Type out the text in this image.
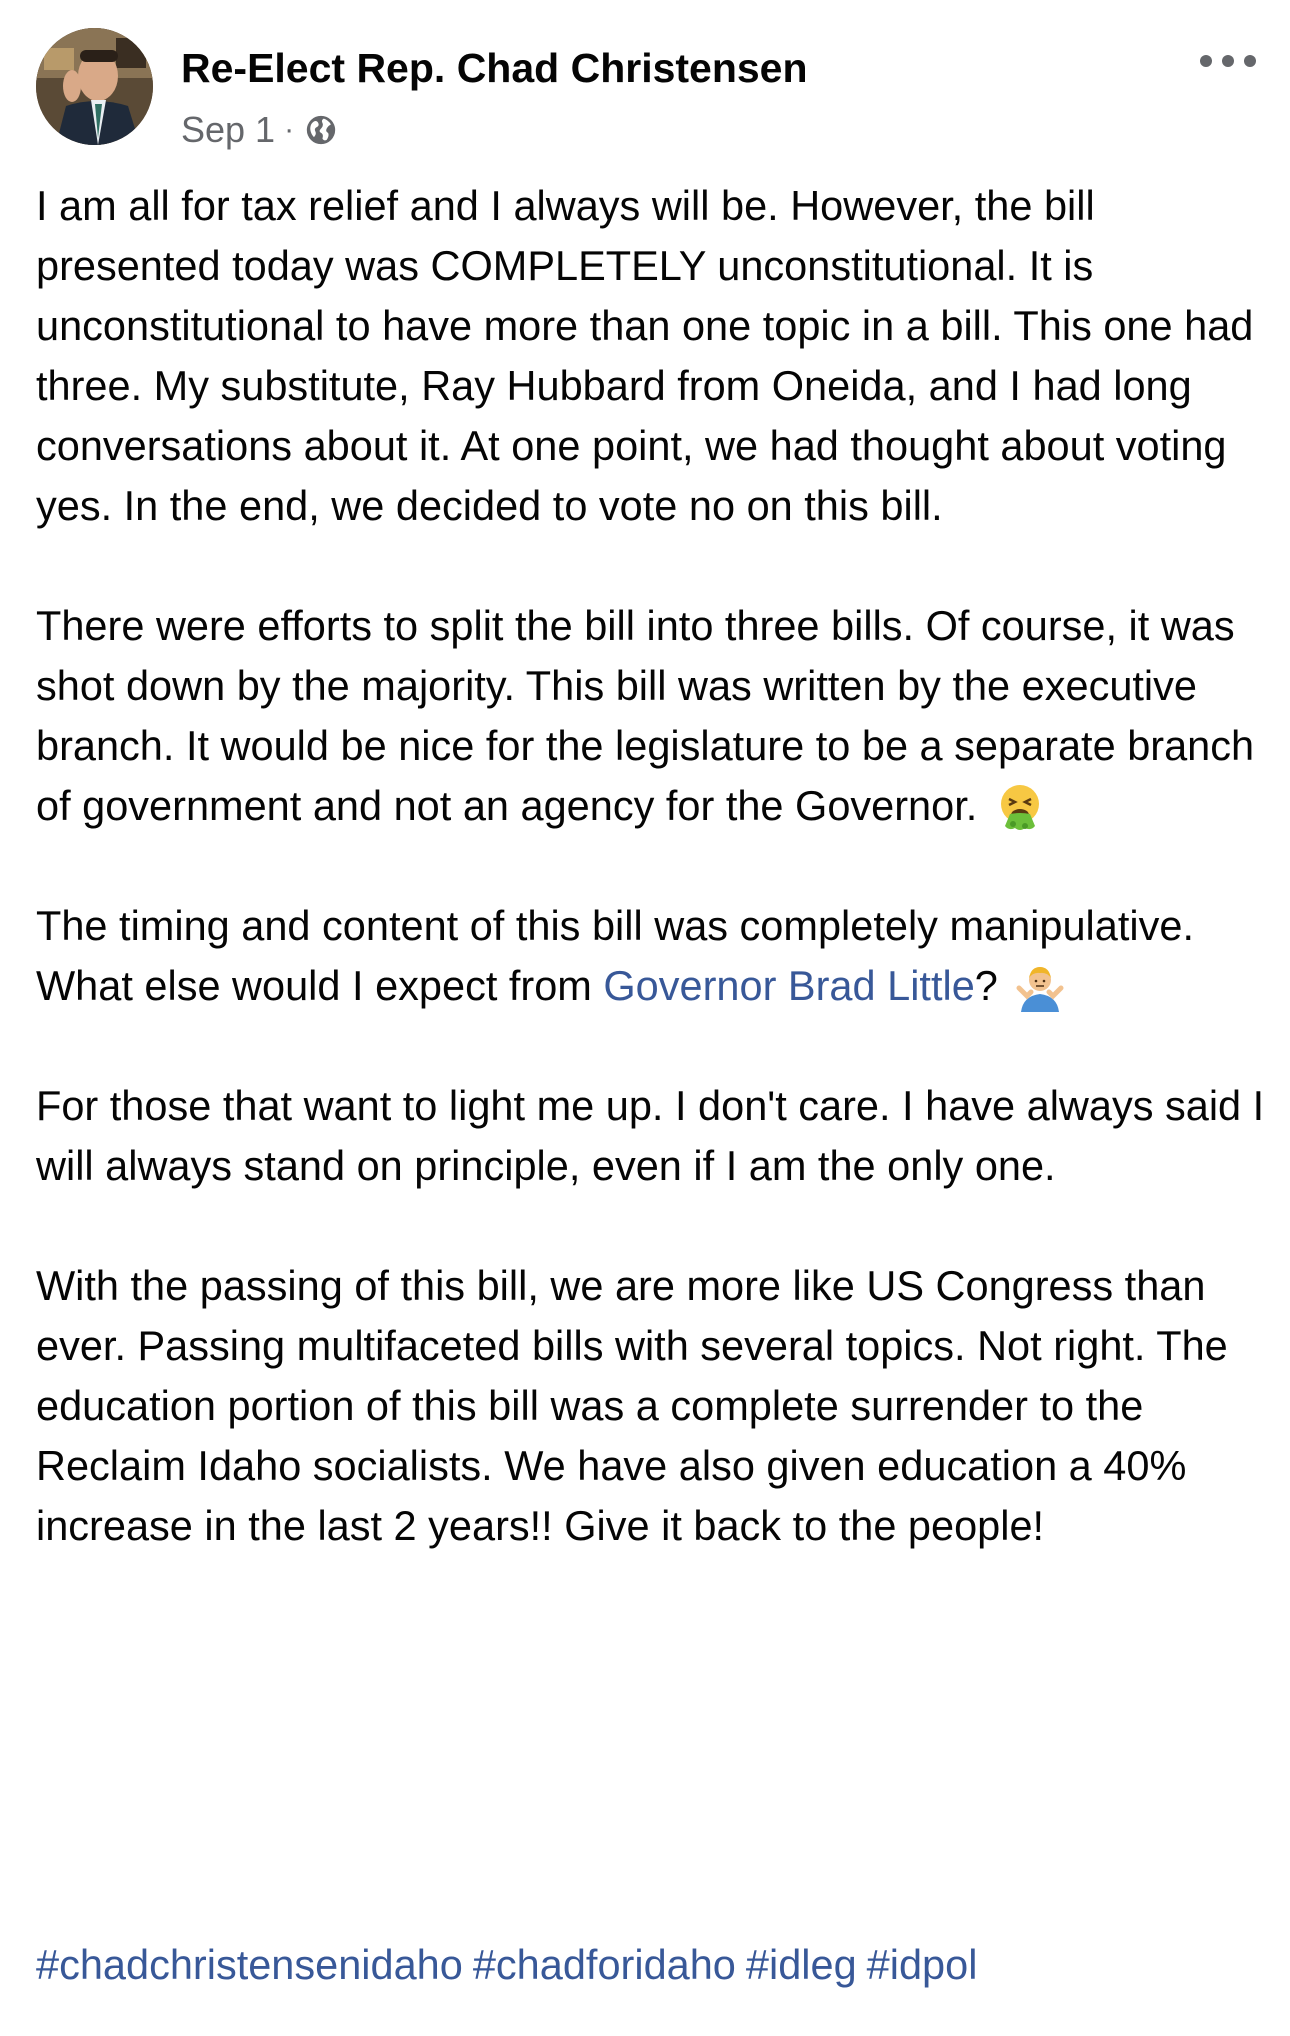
Re-Elect Rep. Chad Christensen
Sep 1 ·

I am all for tax relief and I always will be. However, the bill presented today was COMPLETELY unconstitutional. It is unconstitutional to have more than one topic in a bill. This one had three. My substitute, Ray Hubbard from Oneida, and I had long conversations about it. At one point, we had thought about voting yes. In the end, we decided to vote no on this bill.

There were efforts to split the bill into three bills. Of course, it was shot down by the majority. This bill was written by the executive branch. It would be nice for the legislature to be a separate branch of government and not an agency for the Governor.

The timing and content of this bill was completely manipulative. What else would I expect from Governor Brad Little?

For those that want to light me up. I don't care. I have always said I will always stand on principle, even if I am the only one.

With the passing of this bill, we are more like US Congress than ever. Passing multifaceted bills with several topics. Not right. The education portion of this bill was a complete surrender to the Reclaim Idaho socialists. We have also given education a 40% increase in the last 2 years!! Give it back to the people!

#chadchristensenidaho #chadforidaho #idleg #idpol
